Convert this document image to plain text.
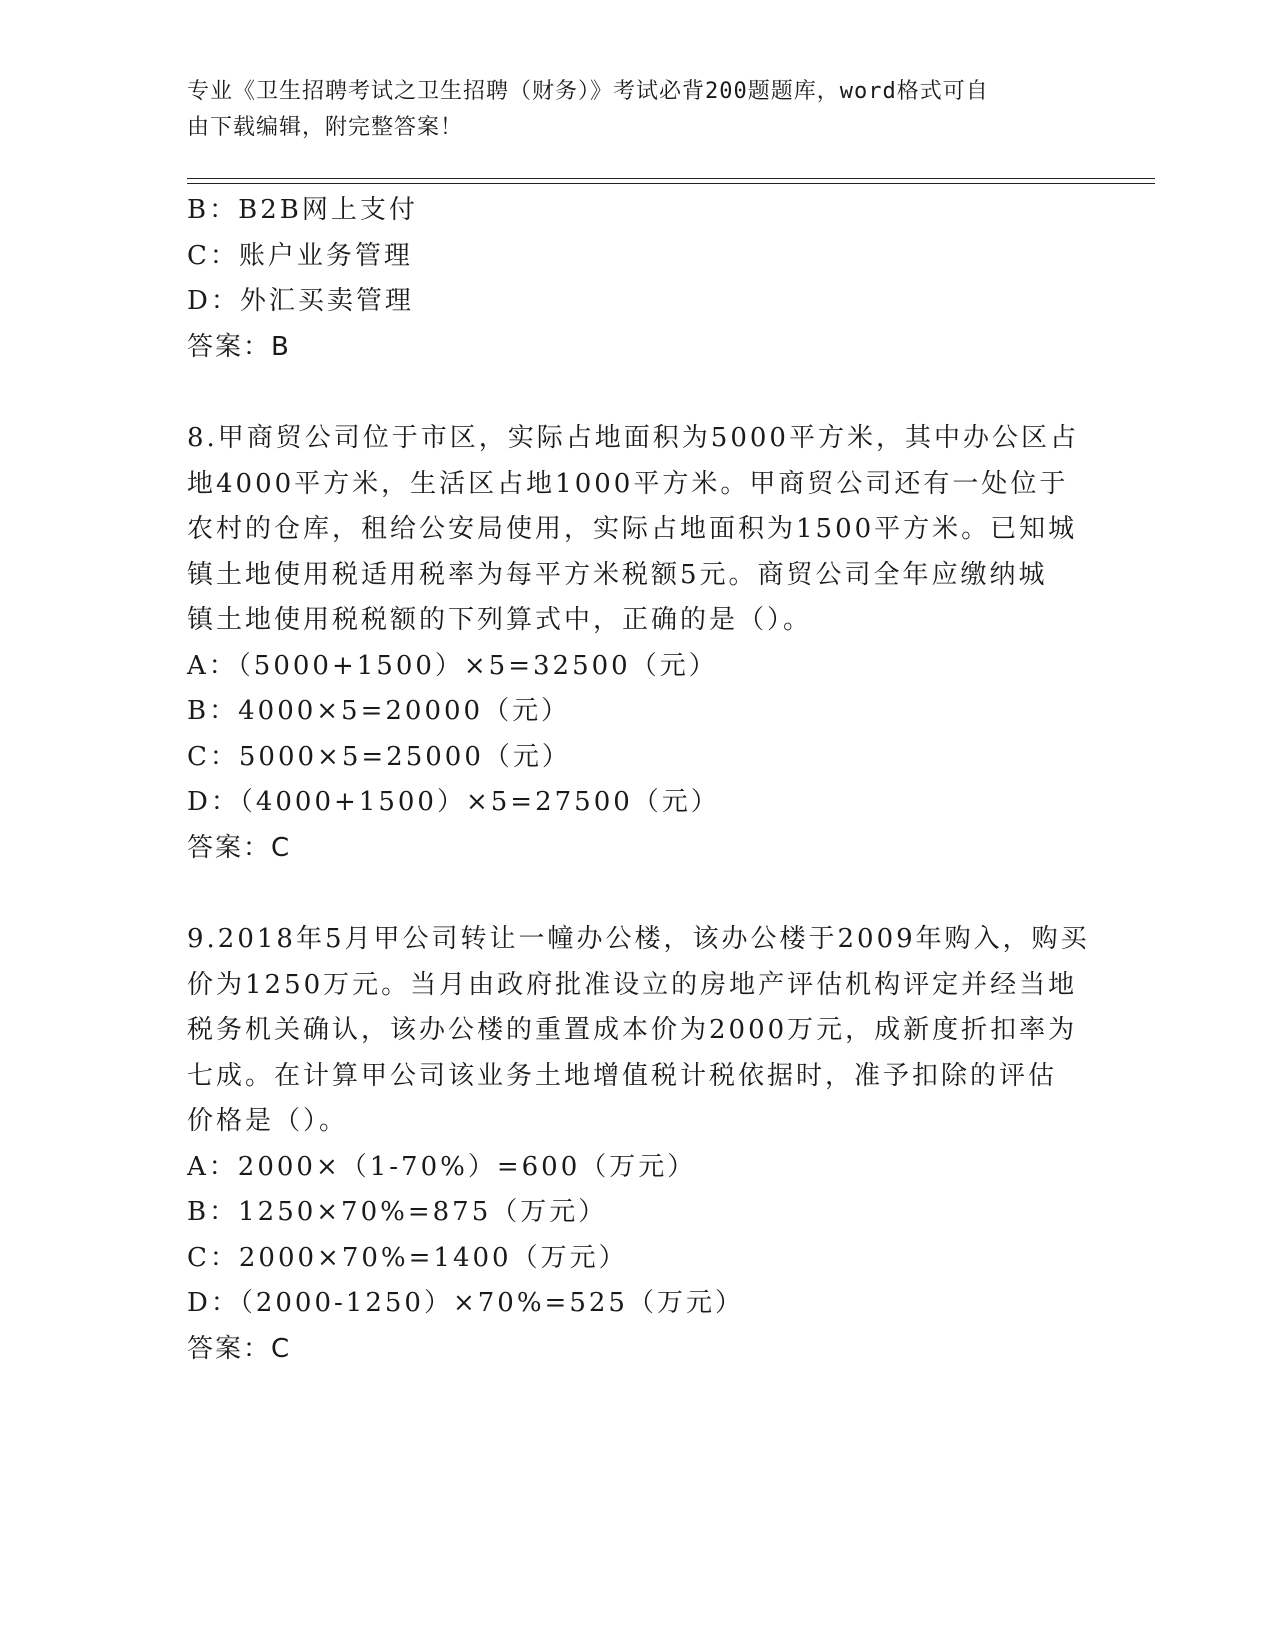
专业《卫生招聘考试之卫生招聘（财务）》考试必背200题题库，word格式可自
由下载编辑，附完整答案！
B：B2B网上支付
C：账户业务管理
D：外汇买卖管理
答案：B
8.甲商贸公司位于市区，实际占地面积为5000平方米，其中办公区占
地4000平方米，生活区占地1000平方米。甲商贸公司还有一处位于
农村的仓库，租给公安局使用，实际占地面积为1500平方米。已知城
镇土地使用税适用税率为每平方米税额5元。商贸公司全年应缴纳城
镇土地使用税税额的下列算式中，正确的是（）。
A：（5000+1500）×5=32500（元）
B：4000×5=20000（元）
C：5000×5=25000（元）
D：（4000+1500）×5=27500（元）
答案：C
9.2018年5月甲公司转让一幢办公楼，该办公楼于2009年购入，购买
价为1250万元。当月由政府批准设立的房地产评估机构评定并经当地
税务机关确认，该办公楼的重置成本价为2000万元，成新度折扣率为
七成。在计算甲公司该业务土地增值税计税依据时，准予扣除的评估
价格是（）。
A：2000×（1-70%）=600（万元）
B：1250×70%=875（万元）
C：2000×70%=1400（万元）
D：（2000-1250）×70%=525（万元）
答案：C
